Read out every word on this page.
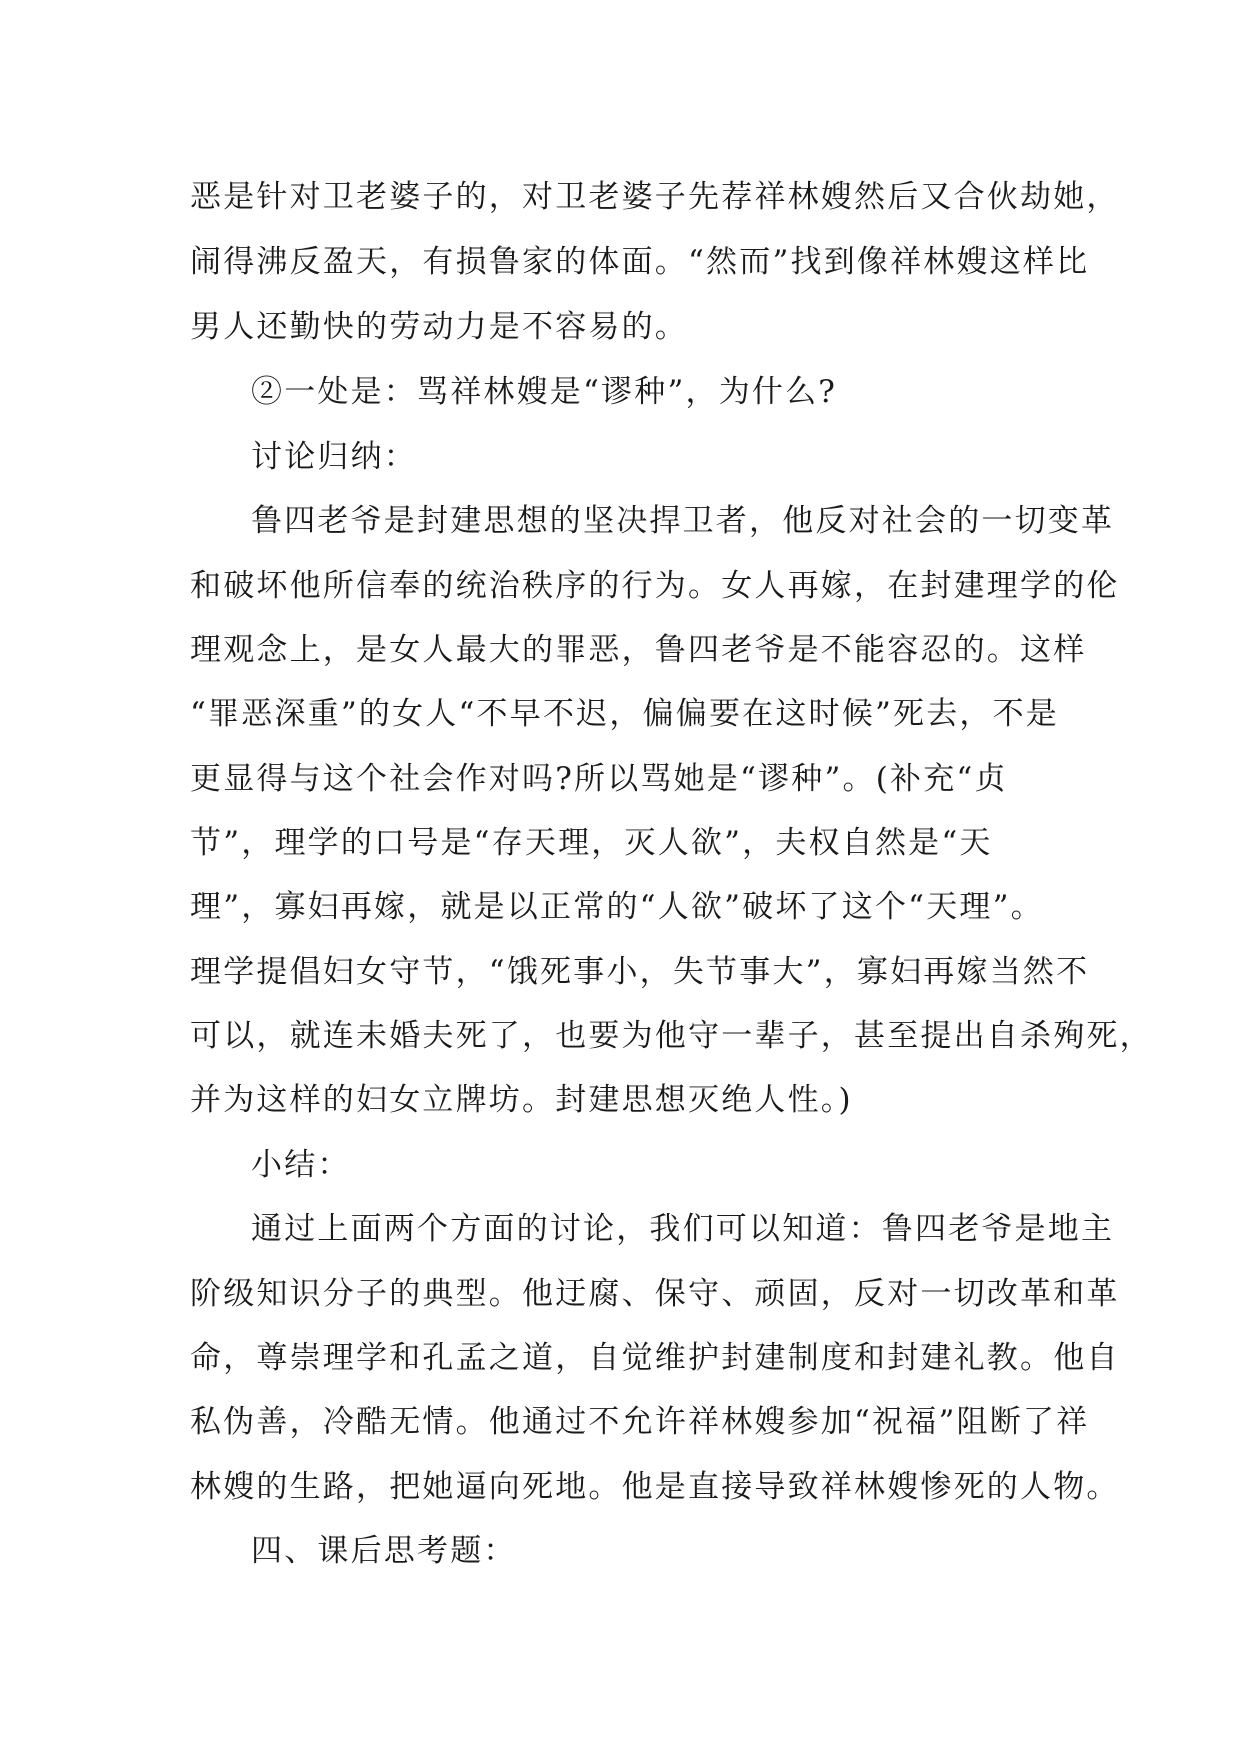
恶是针对卫老婆子的，对卫老婆子先荐祥林嫂然后又合伙劫她，
闹得沸反盈天，有损鲁家的体面。“然而”找到像祥林嫂这样比
男人还勤快的劳动力是不容易的。
②一处是：骂祥林嫂是“谬种”，为什么?
讨论归纳：
鲁四老爷是封建思想的坚决捍卫者，他反对社会的一切变革
和破坏他所信奉的统治秩序的行为。女人再嫁，在封建理学的伦
理观念上，是女人最大的罪恶，鲁四老爷是不能容忍的。这样
“罪恶深重”的女人“不早不迟，偏偏要在这时候”死去，不是
更显得与这个社会作对吗?所以骂她是“谬种”。(补充“贞
节”，理学的口号是“存天理，灭人欲”，夫权自然是“天
理”，寡妇再嫁，就是以正常的“人欲”破坏了这个“天理”。
理学提倡妇女守节，“饿死事小，失节事大”，寡妇再嫁当然不
可以，就连未婚夫死了，也要为他守一辈子，甚至提出自杀殉死，
并为这样的妇女立牌坊。封建思想灭绝人性。)
小结：
通过上面两个方面的讨论，我们可以知道：鲁四老爷是地主
阶级知识分子的典型。他迂腐、保守、顽固，反对一切改革和革
命，尊崇理学和孔孟之道，自觉维护封建制度和封建礼教。他自
私伪善，冷酷无情。他通过不允许祥林嫂参加“祝福”阻断了祥
林嫂的生路，把她逼向死地。他是直接导致祥林嫂惨死的人物。
四、课后思考题：
